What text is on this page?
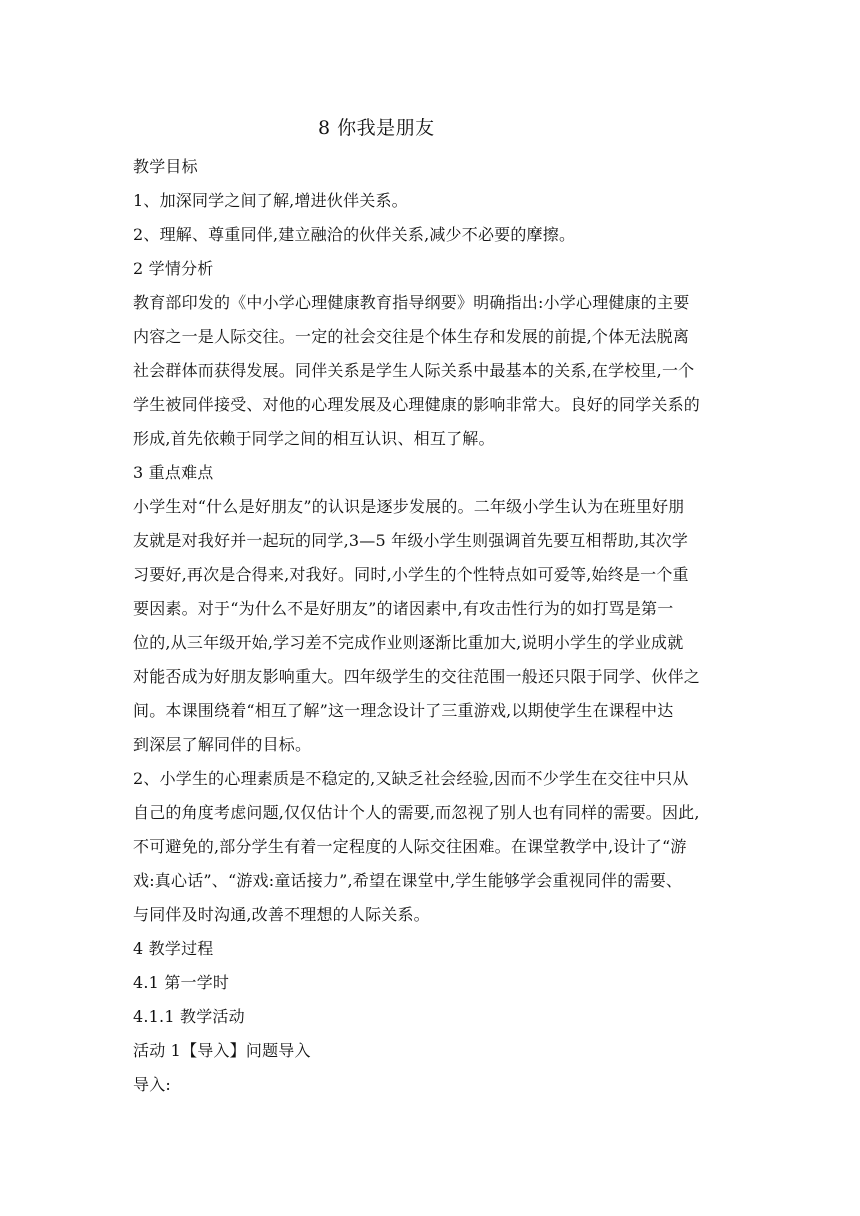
8 你我是朋友

教学目标

1、加深同学之间了解,增进伙伴关系。

2、理解、尊重同伴,建立融洽的伙伴关系,减少不必要的摩擦。

2 学情分析

教育部印发的《中小学心理健康教育指导纲要》明确指出:小学心理健康的主要
内容之一是人际交往。一定的社会交往是个体生存和发展的前提,个体无法脱离
社会群体而获得发展。同伴关系是学生人际关系中最基本的关系,在学校里,一个
学生被同伴接受、对他的心理发展及心理健康的影响非常大。良好的同学关系的
形成,首先依赖于同学之间的相互认识、相互了解。

3 重点难点

小学生对“什么是好朋友”的认识是逐步发展的。二年级小学生认为在班里好朋
友就是对我好并一起玩的同学,3—5 年级小学生则强调首先要互相帮助,其次学
习要好,再次是合得来,对我好。同时,小学生的个性特点如可爱等,始终是一个重
要因素。对于“为什么不是好朋友”的诸因素中,有攻击性行为的如打骂是第一
位的,从三年级开始,学习差不完成作业则逐渐比重加大,说明小学生的学业成就
对能否成为好朋友影响重大。四年级学生的交往范围一般还只限于同学、伙伴之
间。本课围绕着“相互了解”这一理念设计了三重游戏,以期使学生在课程中达
到深层了解同伴的目标。
2、小学生的心理素质是不稳定的,又缺乏社会经验,因而不少学生在交往中只从
自己的角度考虑问题,仅仅估计个人的需要,而忽视了别人也有同样的需要。因此,
不可避免的,部分学生有着一定程度的人际交往困难。在课堂教学中,设计了“游
戏:真心话”、“游戏:童话接力”,希望在课堂中,学生能够学会重视同伴的需要、
与同伴及时沟通,改善不理想的人际关系。

4 教学过程

4.1 第一学时

4.1.1 教学活动

活动 1【导入】问题导入

导入:
